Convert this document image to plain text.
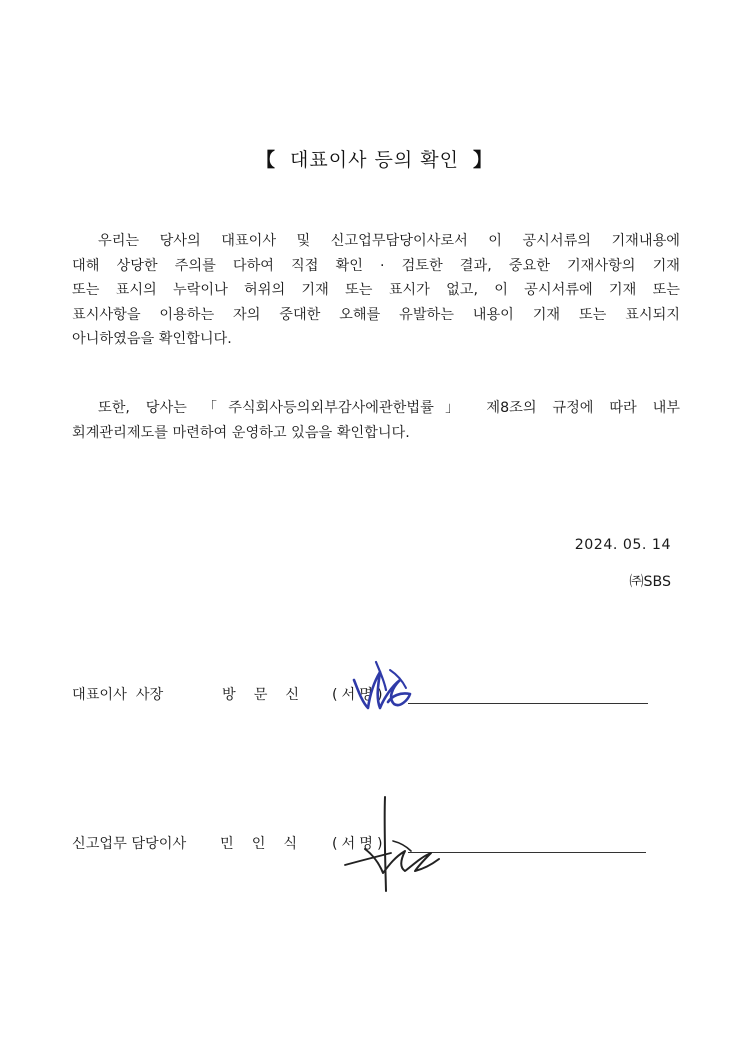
【 대표이사 등의 확인 】
우리는 당사의 대표이사 및 신고업무담당이사로서 이 공시서류의 기재내용에
대해 상당한 주의를 다하여 직접 확인 · 검토한 결과, 중요한 기재사항의 기재
또는 표시의 누락이나 허위의 기재 또는 표시가 없고, 이 공시서류에 기재 또는
표시사항을 이용하는 자의 중대한 오해를 유발하는 내용이 기재 또는 표시되지
아니하였음을 확인합니다.
또한, 당사는 「주식회사등의외부감사에관한법률」 제8조의 규정에 따라 내부
회계관리제도를 마련하여 운영하고 있음을 확인합니다.
2024. 05. 14
㈜SBS
대표이사  사장	방문신 (서명)
신고업무 담당이사 민인식 (서명)
